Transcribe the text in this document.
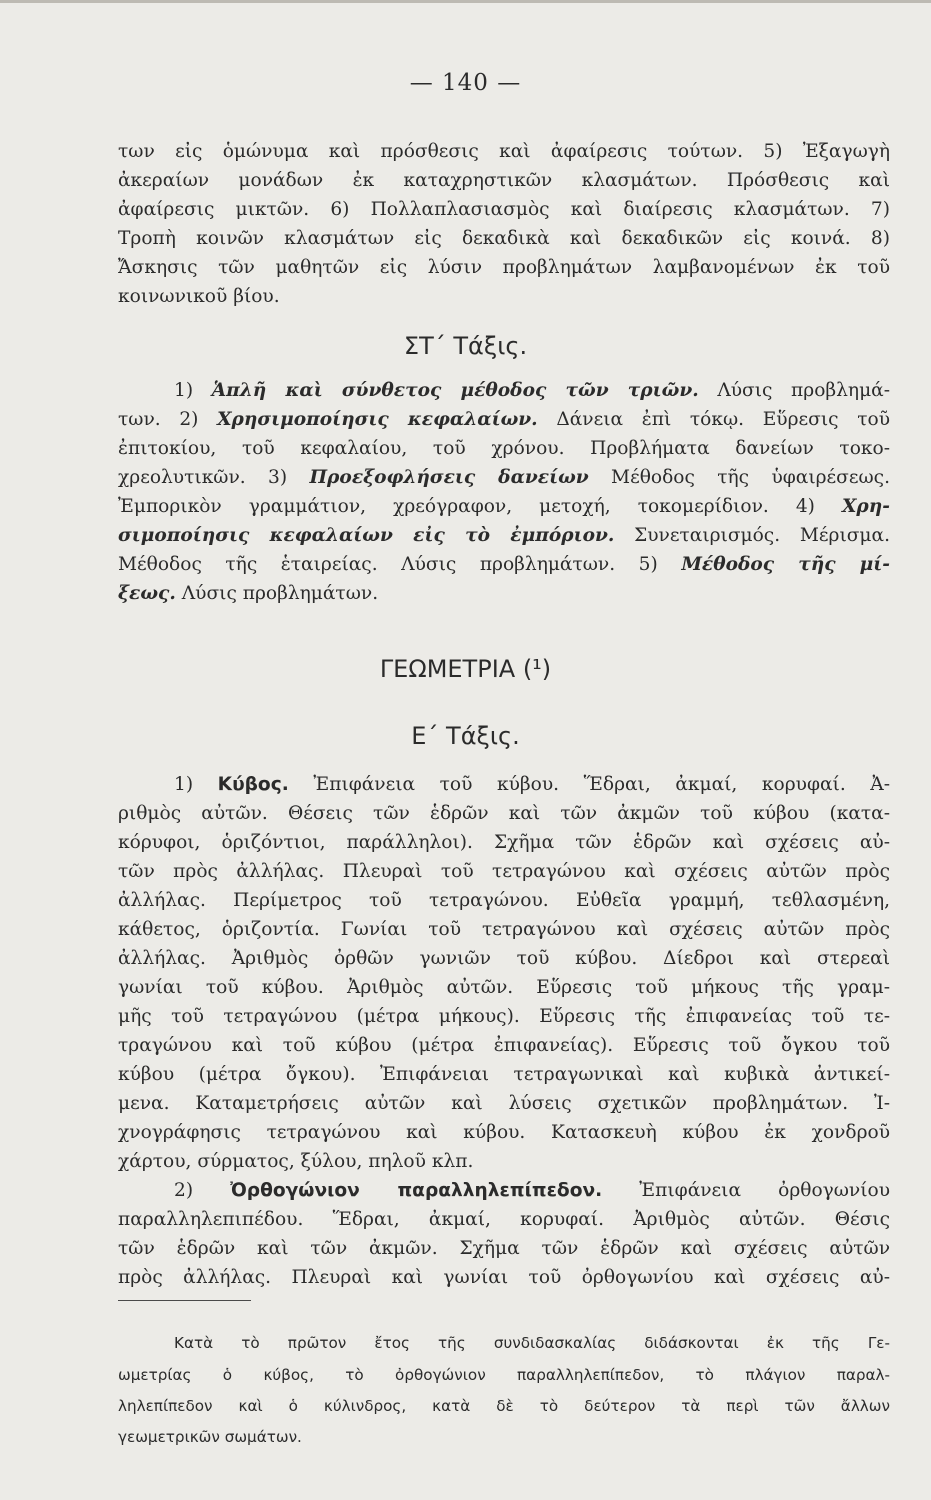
— 140 —
των εἰς ὁμώνυμα καὶ πρόσθεσις καὶ ἀφαίρεσις τούτων. 5) Ἐξαγωγὴ
ἀκεραίων μονάδων ἐκ καταχρηστικῶν κλασμάτων. Πρόσθεσις καὶ
ἀφαίρεσις μικτῶν. 6) Πολλαπλασιασμὸς καὶ διαίρεσις κλασμάτων. 7)
Τροπὴ κοινῶν κλασμάτων εἰς δεκαδικὰ καὶ δεκαδικῶν εἰς κοινά. 8)
Ἄσκησις τῶν μαθητῶν εἰς λύσιν προβλημάτων λαμβανομένων ἐκ τοῦ
κοινωνικοῦ βίου.
ΣΤ΄ Τάξις.
1) Ἁπλῆ καὶ σύνθετος μέθοδος τῶν τριῶν. Λύσις προβλημά-
των. 2) Χρησιμοποίησις κεφαλαίων. Δάνεια ἐπὶ τόκῳ. Εὕρεσις τοῦ
ἐπιτοκίου, τοῦ κεφαλαίου, τοῦ χρόνου. Προβλήματα δανείων τοκο-
χρεολυτικῶν. 3) Προεξοφλήσεις δανείων Μέθοδος τῆς ὑφαιρέσεως.
Ἐμπορικὸν γραμμάτιον, χρεόγραφον, μετοχή, τοκομερίδιον. 4) Χρη-
σιμοποίησις κεφαλαίων εἰς τὸ ἐμπόριον. Συνεταιρισμός. Μέρισμα.
Μέθοδος τῆς ἑταιρείας. Λύσις προβλημάτων. 5) Μέθοδος τῆς μί-
ξεως. Λύσις προβλημάτων.
ΓΕΩΜΕΤΡΙΑ (¹)
Ε΄ Τάξις.
1) Κύβος. Ἐπιφάνεια τοῦ κύβου. Ἕδραι, ἀκμαί, κορυφαί. Ἀ-
ριθμὸς αὐτῶν. Θέσεις τῶν ἑδρῶν καὶ τῶν ἀκμῶν τοῦ κύβου (κατα-
κόρυφοι, ὁριζόντιοι, παράλληλοι). Σχῆμα τῶν ἑδρῶν καὶ σχέσεις αὐ-
τῶν πρὸς ἀλλήλας. Πλευραὶ τοῦ τετραγώνου καὶ σχέσεις αὐτῶν πρὸς
ἀλλήλας. Περίμετρος τοῦ τετραγώνου. Εὐθεῖα γραμμή, τεθλασμένη,
κάθετος, ὁριζοντία. Γωνίαι τοῦ τετραγώνου καὶ σχέσεις αὐτῶν πρὸς
ἀλλήλας. Ἀριθμὸς ὀρθῶν γωνιῶν τοῦ κύβου. Δίεδροι καὶ στερεαὶ
γωνίαι τοῦ κύβου. Ἀριθμὸς αὐτῶν. Εὕρεσις τοῦ μήκους τῆς γραμ-
μῆς τοῦ τετραγώνου (μέτρα μήκους). Εὕρεσις τῆς ἐπιφανείας τοῦ τε-
τραγώνου καὶ τοῦ κύβου (μέτρα ἐπιφανείας). Εὕρεσις τοῦ ὄγκου τοῦ
κύβου (μέτρα ὄγκου). Ἐπιφάνειαι τετραγωνικαὶ καὶ κυβικὰ ἀντικεί-
μενα. Καταμετρήσεις αὐτῶν καὶ λύσεις σχετικῶν προβλημάτων. Ἰ-
χνογράφησις τετραγώνου καὶ κύβου. Κατασκευὴ κύβου ἐκ χονδροῦ
χάρτου, σύρματος, ξύλου, πηλοῦ κλπ.
2) Ὀρθογώνιον παραλληλεπίπεδον. Ἐπιφάνεια ὀρθογωνίου
παραλληλεπιπέδου. Ἕδραι, ἀκμαί, κορυφαί. Ἀριθμὸς αὐτῶν. Θέσις
τῶν ἑδρῶν καὶ τῶν ἀκμῶν. Σχῆμα τῶν ἑδρῶν καὶ σχέσεις αὐτῶν
πρὸς ἀλλήλας. Πλευραὶ καὶ γωνίαι τοῦ ὀρθογωνίου καὶ σχέσεις αὐ-
Κατὰ τὸ πρῶτον ἔτος τῆς συνδιδασκαλίας διδάσκονται ἐκ τῆς Γε-
ωμετρίας ὁ κύβος, τὸ ὀρθογώνιον παραλληλεπίπεδον, τὸ πλάγιον παραλ-
ληλεπίπεδον καὶ ὁ κύλινδρος, κατὰ δὲ τὸ δεύτερον τὰ περὶ τῶν ἄλλων
γεωμετρικῶν σωμάτων.
